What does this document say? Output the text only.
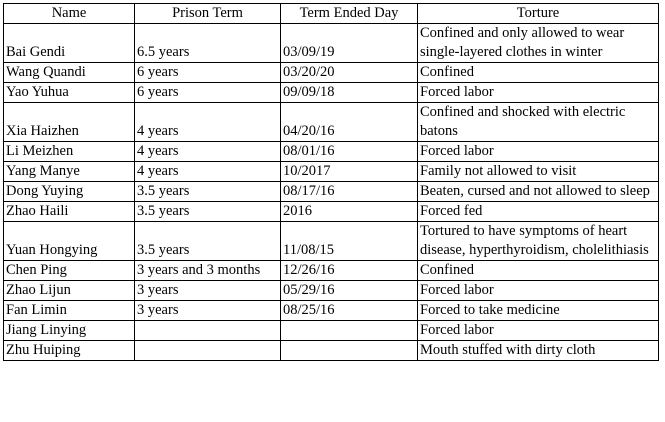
Name	Prison Term	Term Ended Day	Torture
Bai Gendi	6.5 years	03/09/19	Confined and only allowed to wear single-layered clothes in winter
Wang Quandi	6 years	03/20/20	Confined
Yao Yuhua	6 years	09/09/18	Forced labor
Xia Haizhen	4 years	04/20/16	Confined and shocked with electric batons
Li Meizhen	4 years	08/01/16	Forced labor
Yang Manye	4 years	10/2017	Family not allowed to visit
Dong Yuying	3.5 years	08/17/16	Beaten, cursed and not allowed to sleep
Zhao Haili	3.5 years	2016	Forced fed
Yuan Hongying	3.5 years	11/08/15	Tortured to have symptoms of heart disease, hyperthyroidism, cholelithiasis
Chen Ping	3 years and 3 months	12/26/16	Confined
Zhao Lijun	3 years	05/29/16	Forced labor
Fan Limin	3 years	08/25/16	Forced to take medicine
Jiang Linying			Forced labor
Zhu Huiping			Mouth stuffed with dirty cloth
